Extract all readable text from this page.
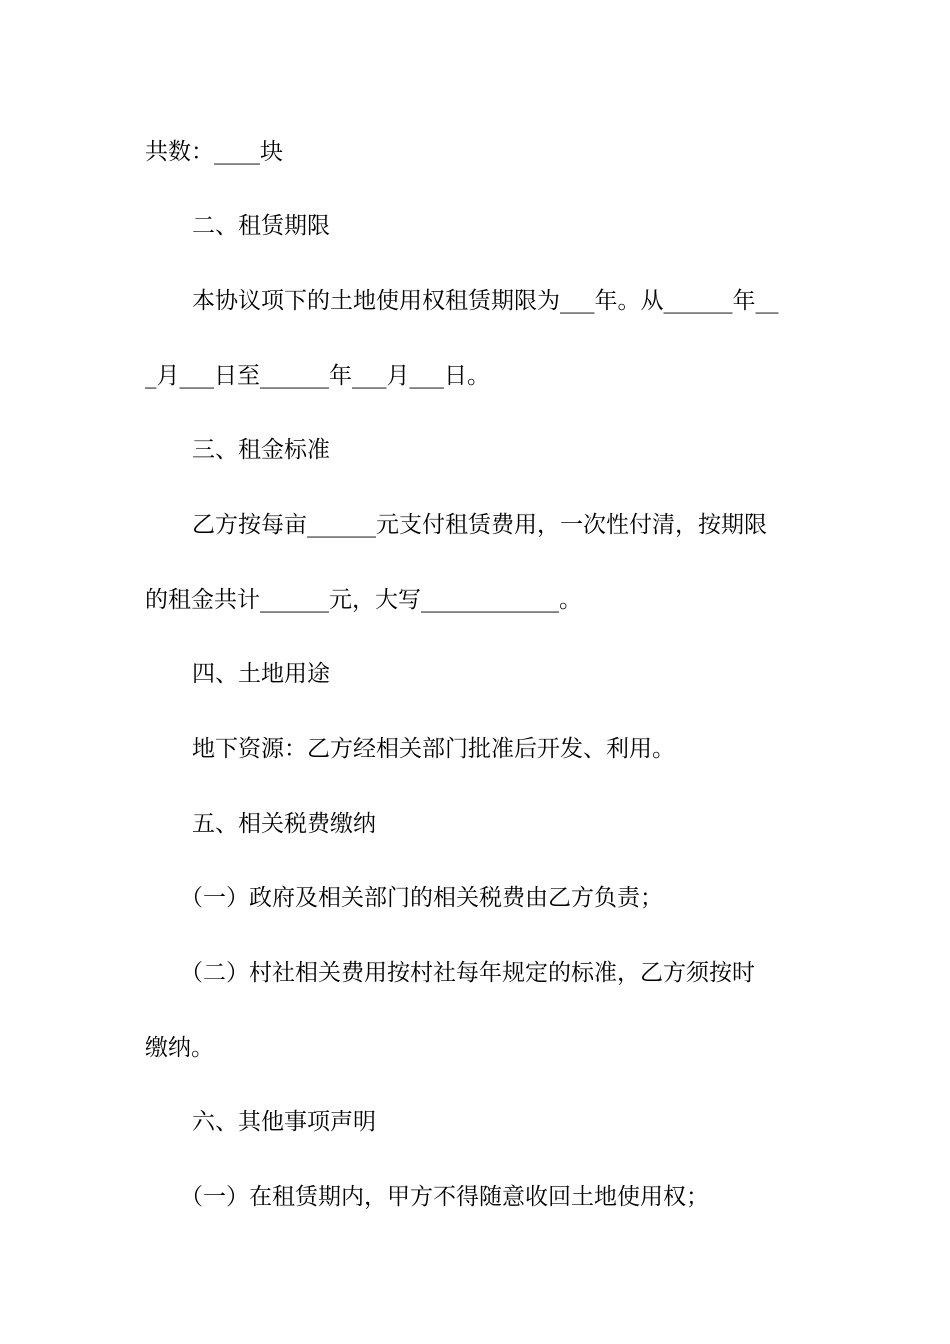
共数：____块
二、租赁期限
本协议项下的土地使用权租赁期限为___年。从______年__
_月___日至______年___月___日。
三、租金标准
乙方按每亩______元支付租赁费用，一次性付清，按期限
的租金共计______元，大写____________。
四、土地用途
地下资源：乙方经相关部门批准后开发、利用。
五、相关税费缴纳
（一）政府及相关部门的相关税费由乙方负责；
（二）村社相关费用按村社每年规定的标准，乙方须按时
缴纳。
六、其他事项声明
（一）在租赁期内，甲方不得随意收回土地使用权；
